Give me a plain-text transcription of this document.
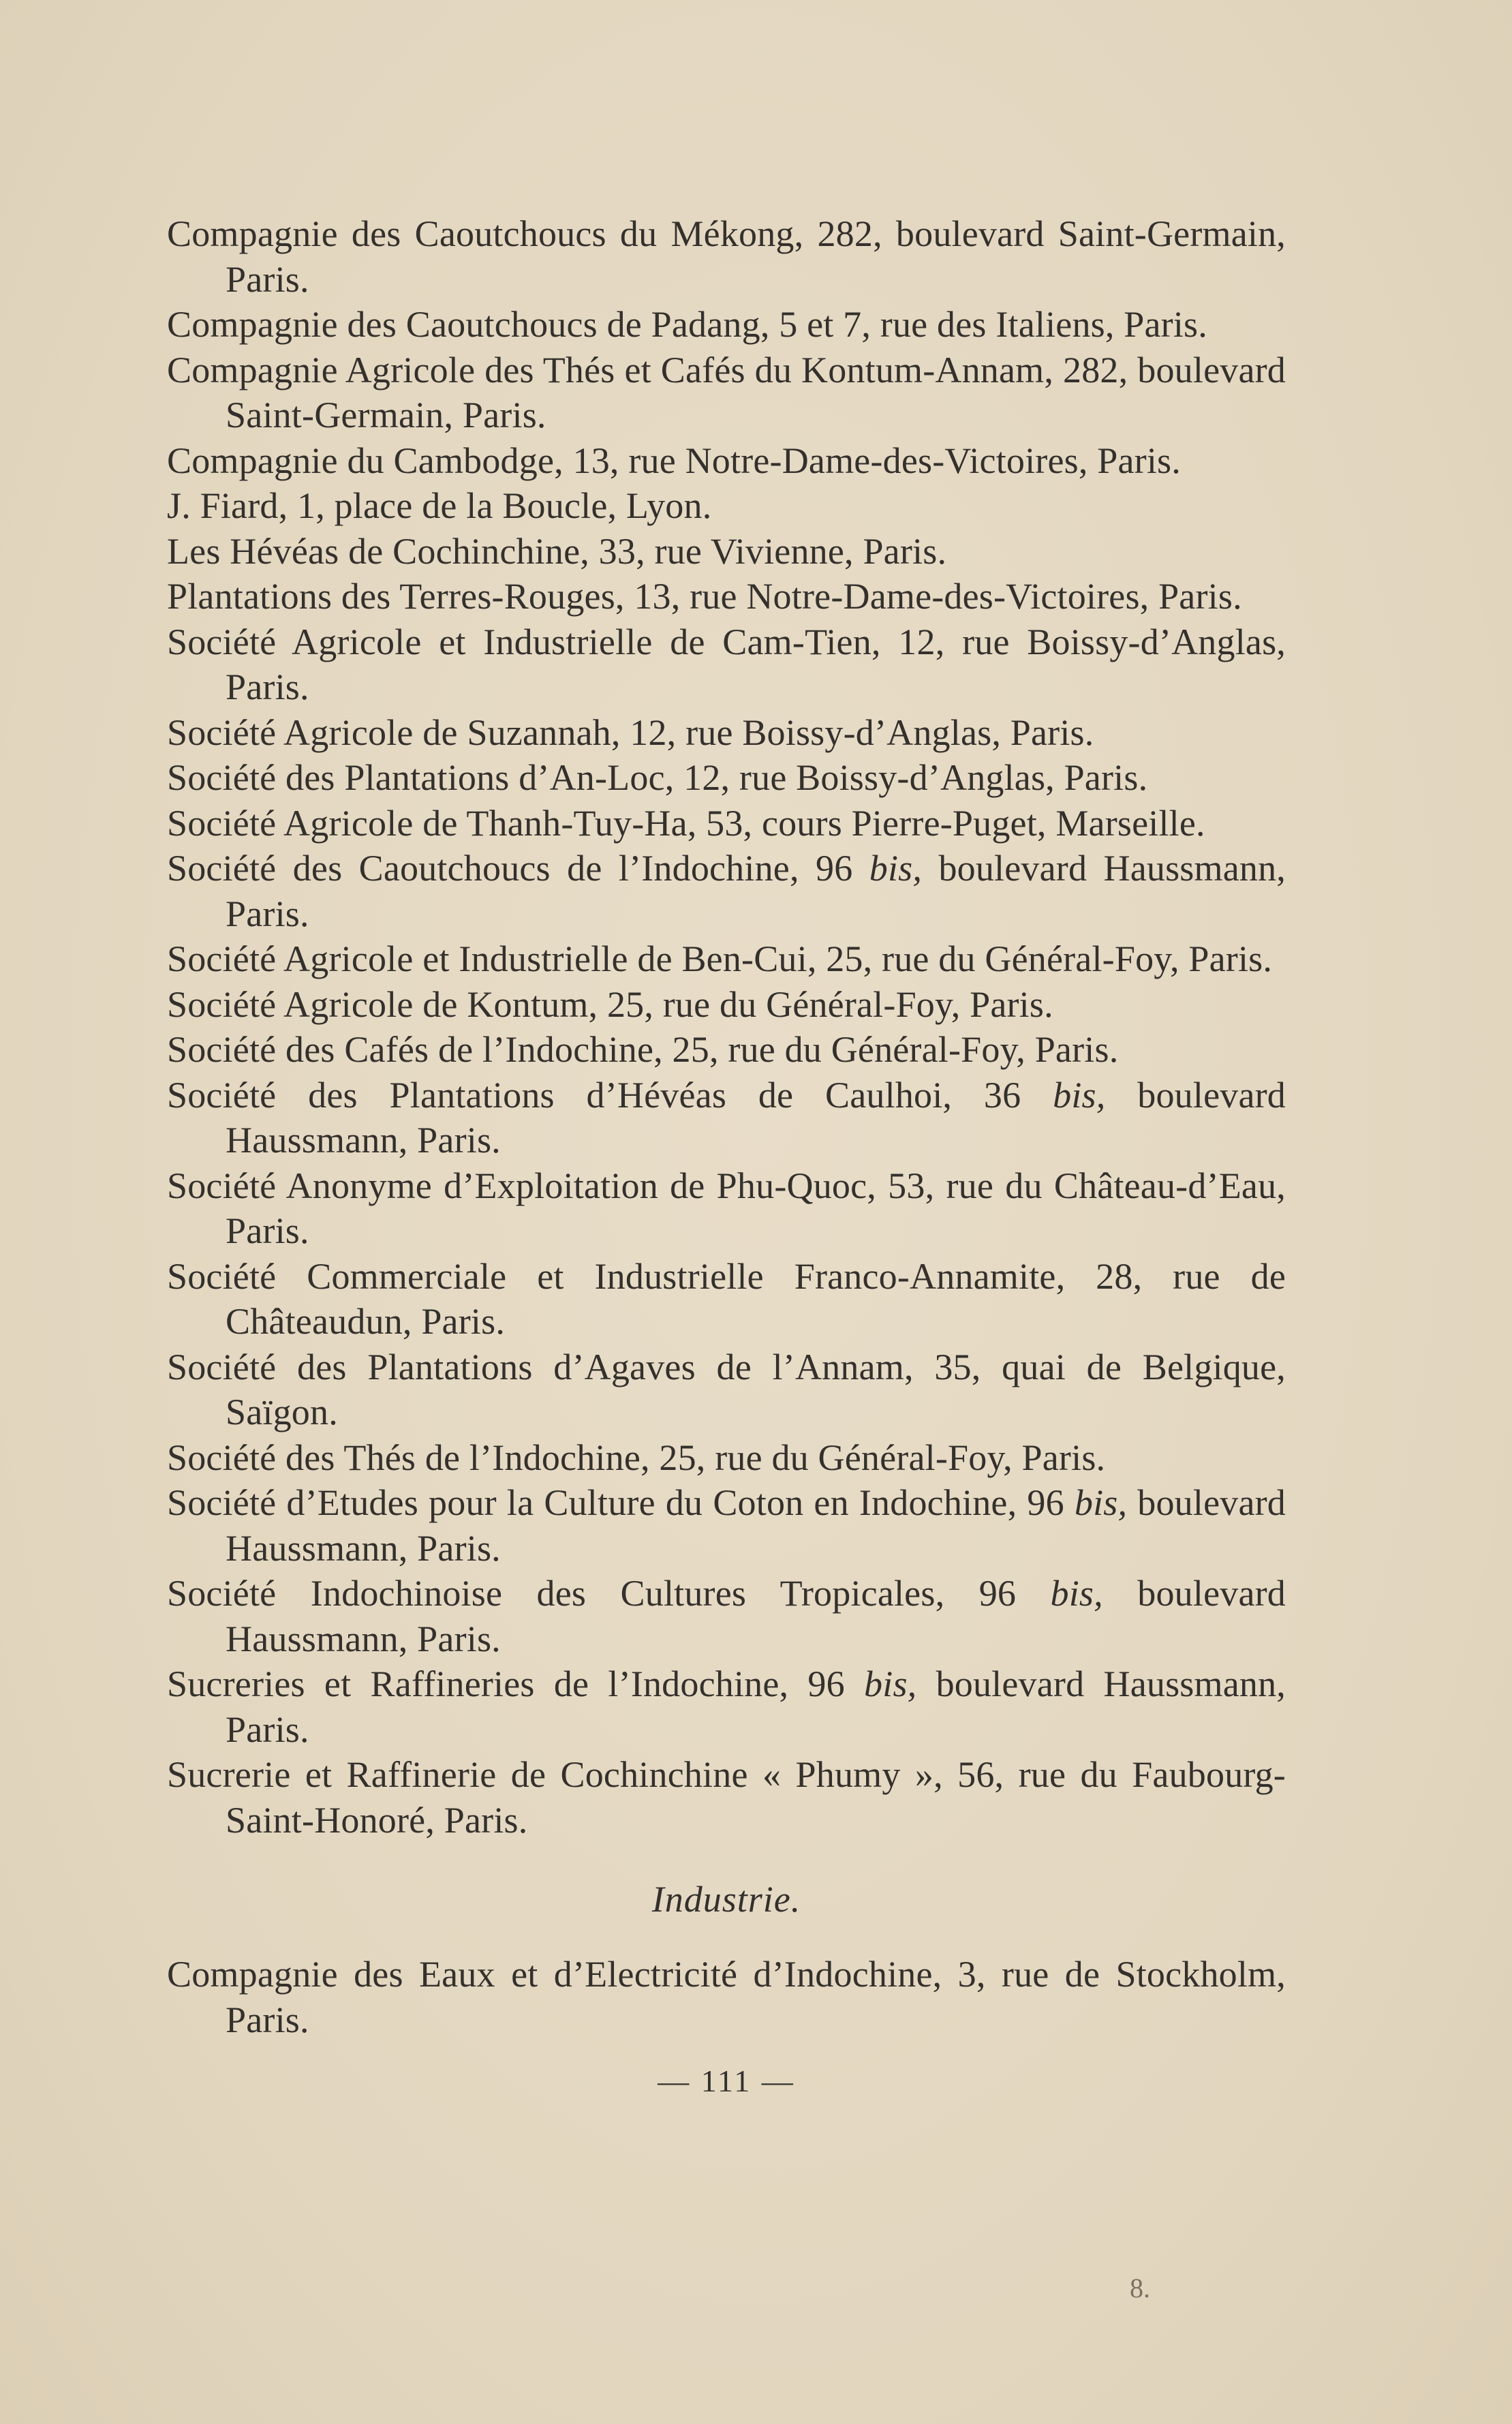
Compagnie des Caoutchoucs du Mékong, 282, boulevard Saint-Germain, Paris.

Compagnie des Caoutchoucs de Padang, 5 et 7, rue des Italiens, Paris.

Compagnie Agricole des Thés et Cafés du Kontum-Annam, 282, boulevard Saint-Germain, Paris.

Compagnie du Cambodge, 13, rue Notre-Dame-des-Victoires, Paris.

J. Fiard, 1, place de la Boucle, Lyon.

Les Hévéas de Cochinchine, 33, rue Vivienne, Paris.

Plantations des Terres-Rouges, 13, rue Notre-Dame-des-Victoires, Paris.

Société Agricole et Industrielle de Cam-Tien, 12, rue Boissy-d’Anglas, Paris.

Société Agricole de Suzannah, 12, rue Boissy-d’Anglas, Paris.

Société des Plantations d’An-Loc, 12, rue Boissy-d’Anglas, Paris.

Société Agricole de Thanh-Tuy-Ha, 53, cours Pierre-Puget, Marseille.

Société des Caoutchoucs de l’Indochine, 96 bis, boulevard Haussmann, Paris.

Société Agricole et Industrielle de Ben-Cui, 25, rue du Général-Foy, Paris.

Société Agricole de Kontum, 25, rue du Général-Foy, Paris.

Société des Cafés de l’Indochine, 25, rue du Général-Foy, Paris.

Société des Plantations d’Hévéas de Caulhoi, 36 bis, boulevard Haussmann, Paris.

Société Anonyme d’Exploitation de Phu-Quoc, 53, rue du Château-d’Eau, Paris.

Société Commerciale et Industrielle Franco-Annamite, 28, rue de Châteaudun, Paris.

Société des Plantations d’Agaves de l’Annam, 35, quai de Belgique, Saïgon.

Société des Thés de l’Indochine, 25, rue du Général-Foy, Paris.

Société d’Etudes pour la Culture du Coton en Indochine, 96 bis, boulevard Haussmann, Paris.

Société Indochinoise des Cultures Tropicales, 96 bis, boulevard Haussmann, Paris.

Sucreries et Raffineries de l’Indochine, 96 bis, boulevard Haussmann, Paris.

Sucrerie et Raffinerie de Cochinchine « Phumy », 56, rue du Faubourg-Saint-Honoré, Paris.

Industrie.

Compagnie des Eaux et d’Electricité d’Indochine, 3, rue de Stockholm, Paris.

— 111 —
8.
